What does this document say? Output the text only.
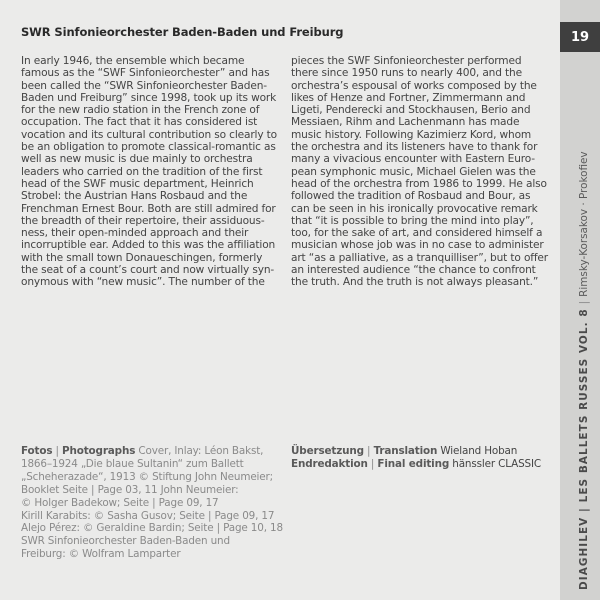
SWR Sinfonieorchester Baden-Baden und Freiburg
In early 1946, the ensemble which became
famous as the “SWF Sinfonieorchester” and has
been called the “SWR Sinfonieorchester Baden-
Baden und Freiburg” since 1998, took up its work
for the new radio station in the French zone of
occupation. The fact that it has considered ist
vocation and its cultural contribution so clearly to
be an obligation to promote classical-romantic as
well as new music is due mainly to orchestra
leaders who carried on the tradition of the first
head of the SWF music department, Heinrich
Strobel: the Austrian Hans Rosbaud and the
Frenchman Ernest Bour. Both are still admired for
the breadth of their repertoire, their assiduous-
ness, their open-minded approach and their
incorruptible ear. Added to this was the affiliation
with the small town Donaueschingen, formerly
the seat of a count’s court and now virtually syn-
onymous with “new music”. The number of the
pieces the SWF Sinfonieorchester performed
there since 1950 runs to nearly 400, and the
orchestra’s espousal of works composed by the
likes of Henze and Fortner, Zimmermann and
Ligeti, Penderecki and Stockhausen, Berio and
Messiaen, Rihm and Lachenmann has made
music history. Following Kazimierz Kord, whom
the orchestra and its listeners have to thank for
many a vivacious encounter with Eastern Euro-
pean symphonic music, Michael Gielen was the
head of the orchestra from 1986 to 1999. He also
followed the tradition of Rosbaud and Bour, as
can be seen in his ironically provocative remark
that “it is possible to bring the mind into play”,
too, for the sake of art, and considered himself a
musician whose job was in no case to administer
art “as a palliative, as a tranquilliser”, but to offer
an interested audience “the chance to confront
the truth. And the truth is not always pleasant.”
Fotos | Photographs Cover, Inlay: Léon Bakst,
1866–1924 „Die blaue Sultanin“ zum Ballett
„Scheherazade“, 1913 © Stiftung John Neumeier;
Booklet Seite | Page 03, 11 John Neumeier:
© Holger Badekow; Seite | Page 09, 17
Kirill Karabits: © Sasha Gusov; Seite | Page 09, 17
Alejo Pérez: © Geraldine Bardin; Seite | Page 10, 18
SWR Sinfonieorchester Baden-Baden und
Freiburg: © Wolfram Lamparter
Übersetzung | Translation Wieland Hoban
Endredaktion | Final editing hänssler CLASSIC
19
DIAGHILEV | LES BALLETS RUSSES VOL. 8|Rimsky-Korsakov · Prokofiev
